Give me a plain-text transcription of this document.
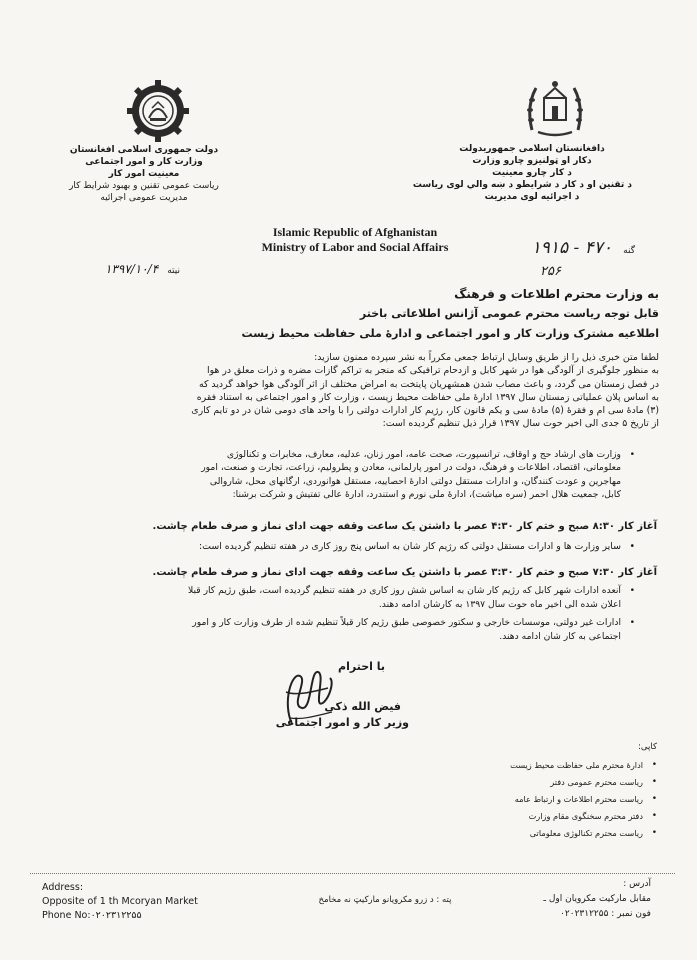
دولت جمهوری اسلامی افغانستان
وزارت کار و امور اجتماعی
معینیت امور کار
ریاست عمومی تقنین و بهبود شرایط کار
مدیریت عمومی اجرائیه
دافغانستان اسلامی جمهوریدولت
دکار او ټولنیزو چارو وزارت
د کار چارو معینیت
د تقنین او د کار د شرایطو د ښه والي لوی ریاست
د اجرائیه لوی مدیریت
Islamic Republic of Afghanistan
Ministry of Labor and Social Affairs	گنه ۴۷۰ - ۱۹۱۵
۲۵۶
نیته ۱۳۹۷/۱۰/۴
به وزارت محترم اطلاعات و فرهنگ
قابل توجه ریاست محترم عمومی آژانس اطلاعاتی باختر
اطلاعیه مشترک وزارت کار و امور اجتماعی و ادارهٔ ملی حفاظت محیط زیست

لطفا متن خبری ذیل را از طریق وسایل ارتباط جمعی مکرراً به نشر سپرده ممنون سازید:

به منظور جلوگیری از آلودگی هوا در شهر کابل و ازدحام ترافیکی که منجر به تراکم گازات مضره و ذرات معلق در هوا

در فصل زمستان می گردد، و باعث مصاب شدن همشهریان پایتخت به امراض مختلف از اثر آلودگی هوا خواهد گردید که

به اساس پلان عملیاتی زمستان سال ۱۳۹۷ ادارهٔ ملی حفاظت محیط زیست ، وزارت کار و امور اجتماعی به استناد فقره

(۳) مادهٔ سی ام و فقرهٔ (۵) مادهٔ سی و یکم قانون کار، رژیم کار ادارات دولتی را با واحد های دومی شان در دو تایم کاری

از تاریخ ۵ جدی الی اخیر حوت سال ۱۳۹۷ قرار ذیل تنظیم گردیده است:

• وزارت های ارشاد حج و اوقاف، ترانسپورت، صحت عامه، امور زنان، عدلیه، معارف، مخابرات و تکنالوژی

معلوماتی، اقتصاد، اطلاعات و فرهنگ، دولت در امور پارلمانی، معادن و پطرولیم، زراعت، تجارت و صنعت، امور

مهاجرین و عودت کنندگان، و ادارات مستقل دولتی ادارهٔ احصاییه، مستقل هوانوردی، ارگانهای محل، شاروالی

کابل، جمعیت هلال احمر (سره میاشت)، ادارهٔ ملی نورم و استندرد، ادارهٔ عالی تفتیش و شرکت برشنا:

آغاز کار ۸:۳۰ صبح و ختم کار ۴:۳۰ عصر با داشتن یک ساعت وقفه جهت ادای نماز و صرف طعام چاشت.
• سایر وزارت ها و ادارات مستقل دولتی که رژیم کار شان به اساس پنج روز کاری در هفته تنظیم گردیده است:
آغاز کار ۷:۳۰ صبح و ختم کار ۳:۳۰ عصر با داشتن یک ساعت وقفه جهت ادای نماز و صرف طعام چاشت.

• آنعده ادارات شهر کابل که رژیم کار شان به اساس شش روز کاری در هفته تنظیم گردیده است، طبق رژیم کار قبلا

اعلان شده الی اخیر ماه حوت سال ۱۳۹۷ به کارشان ادامه دهند.

• ادارات غیر دولتی، موسسات خارجی و سکتور خصوصی طبق رژیم کار قبلاً تنظیم شده از طرف وزارت کار و امور

اجتماعی به کار شان ادامه دهند.

با احترام
فیض الله ذکی
وزیر کار و امور اجتماعی
کاپی:
• ادارهٔ محترم ملی حفاظت محیط زیست
• ریاست محترم عمومی دفتر
• ریاست محترم اطلاعات و ارتباط عامه
• دفتر محترم سخنگوی مقام وزارت
• ریاست محترم تکنالوژی معلوماتی
Address:
Opposite of 1 th Mcoryan Market
Phone No:۰۲۰۲۳۱۲۲۵۵
پته : د زرو مکرویانو مارکیټ نه مخامخ
آدرس :
مقابل مارکیت مکرویان اول ـ
فون نمبر : ۰۲۰۲۳۱۲۲۵۵
